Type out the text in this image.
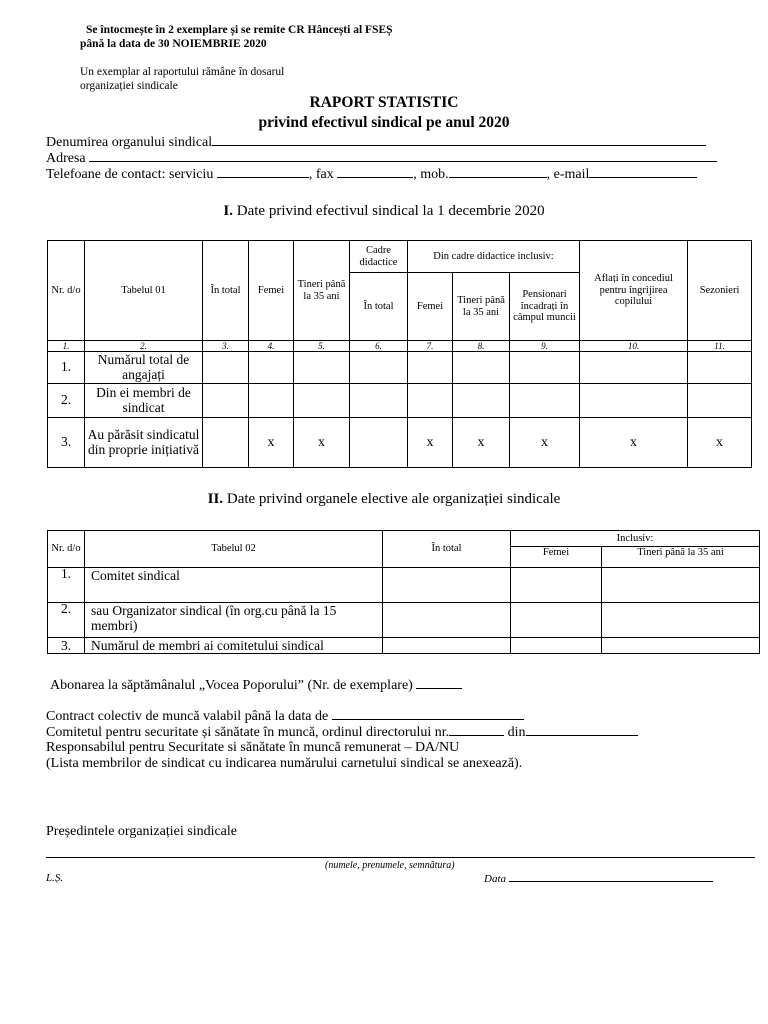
Se întocmește în 2 exemplare și se remite CR Hâncești al FSEȘ
până la data de 30 NOIEMBRIE 2020
Un exemplar al raportului rămâne în dosarul
organizației sindicale
RAPORT STATISTIC
privind efectivul sindical pe anul 2020
Denumirea organului sindical
Adresa
Telefoane de contact: serviciu	, fax	, mob.	, e-mail
I. Date privind efectivul sindical la 1 decembrie 2020
Nr. d/o	Tabelul 01	În total	Femei	Tineri până la 35 ani	Cadre didactice	Din cadre didactice inclusiv:			Aflați în concediul pentru îngrijirea copilului	Sezonieri
					În total	Femei	Tineri până la 35 ani	Pensionari încadrați în câmpul muncii		
1.	2.	3.	4.	5.	6.	7.	8.	9.	10.	11.
1.	Numărul total de angajați									
2.	Din ei membri de sindicat									
3.	Au părăsit sindicatul din proprie inițiativă		x	x		x	x	x	x	x
II. Date privind organele elective ale organizației sindicale
Nr. d/o	Tabelul 02	În total	Inclusiv:	
			Femei	Tineri până la 35 ani
1.	Comitet sindical			
2.	sau Organizator sindical (în org.cu până la 15 membri)			
3.	Numărul de membri ai comitetului sindical			
Abonarea la săptămânalul „Vocea Poporului” (Nr. de exemplare)
Contract colectiv de muncă valabil până la data de
Comitetul pentru securitate și sănătate în muncă, ordinul directorului nr.	din
Responsabilul pentru Securitate si sănătate în muncă remunerat – DA/NU
(Lista membrilor de sindicat cu indicarea numărului carnetului sindical se anexează).
Președintele organizației sindicale
(numele, prenumele, semnătura)
L.Ș.	Data
